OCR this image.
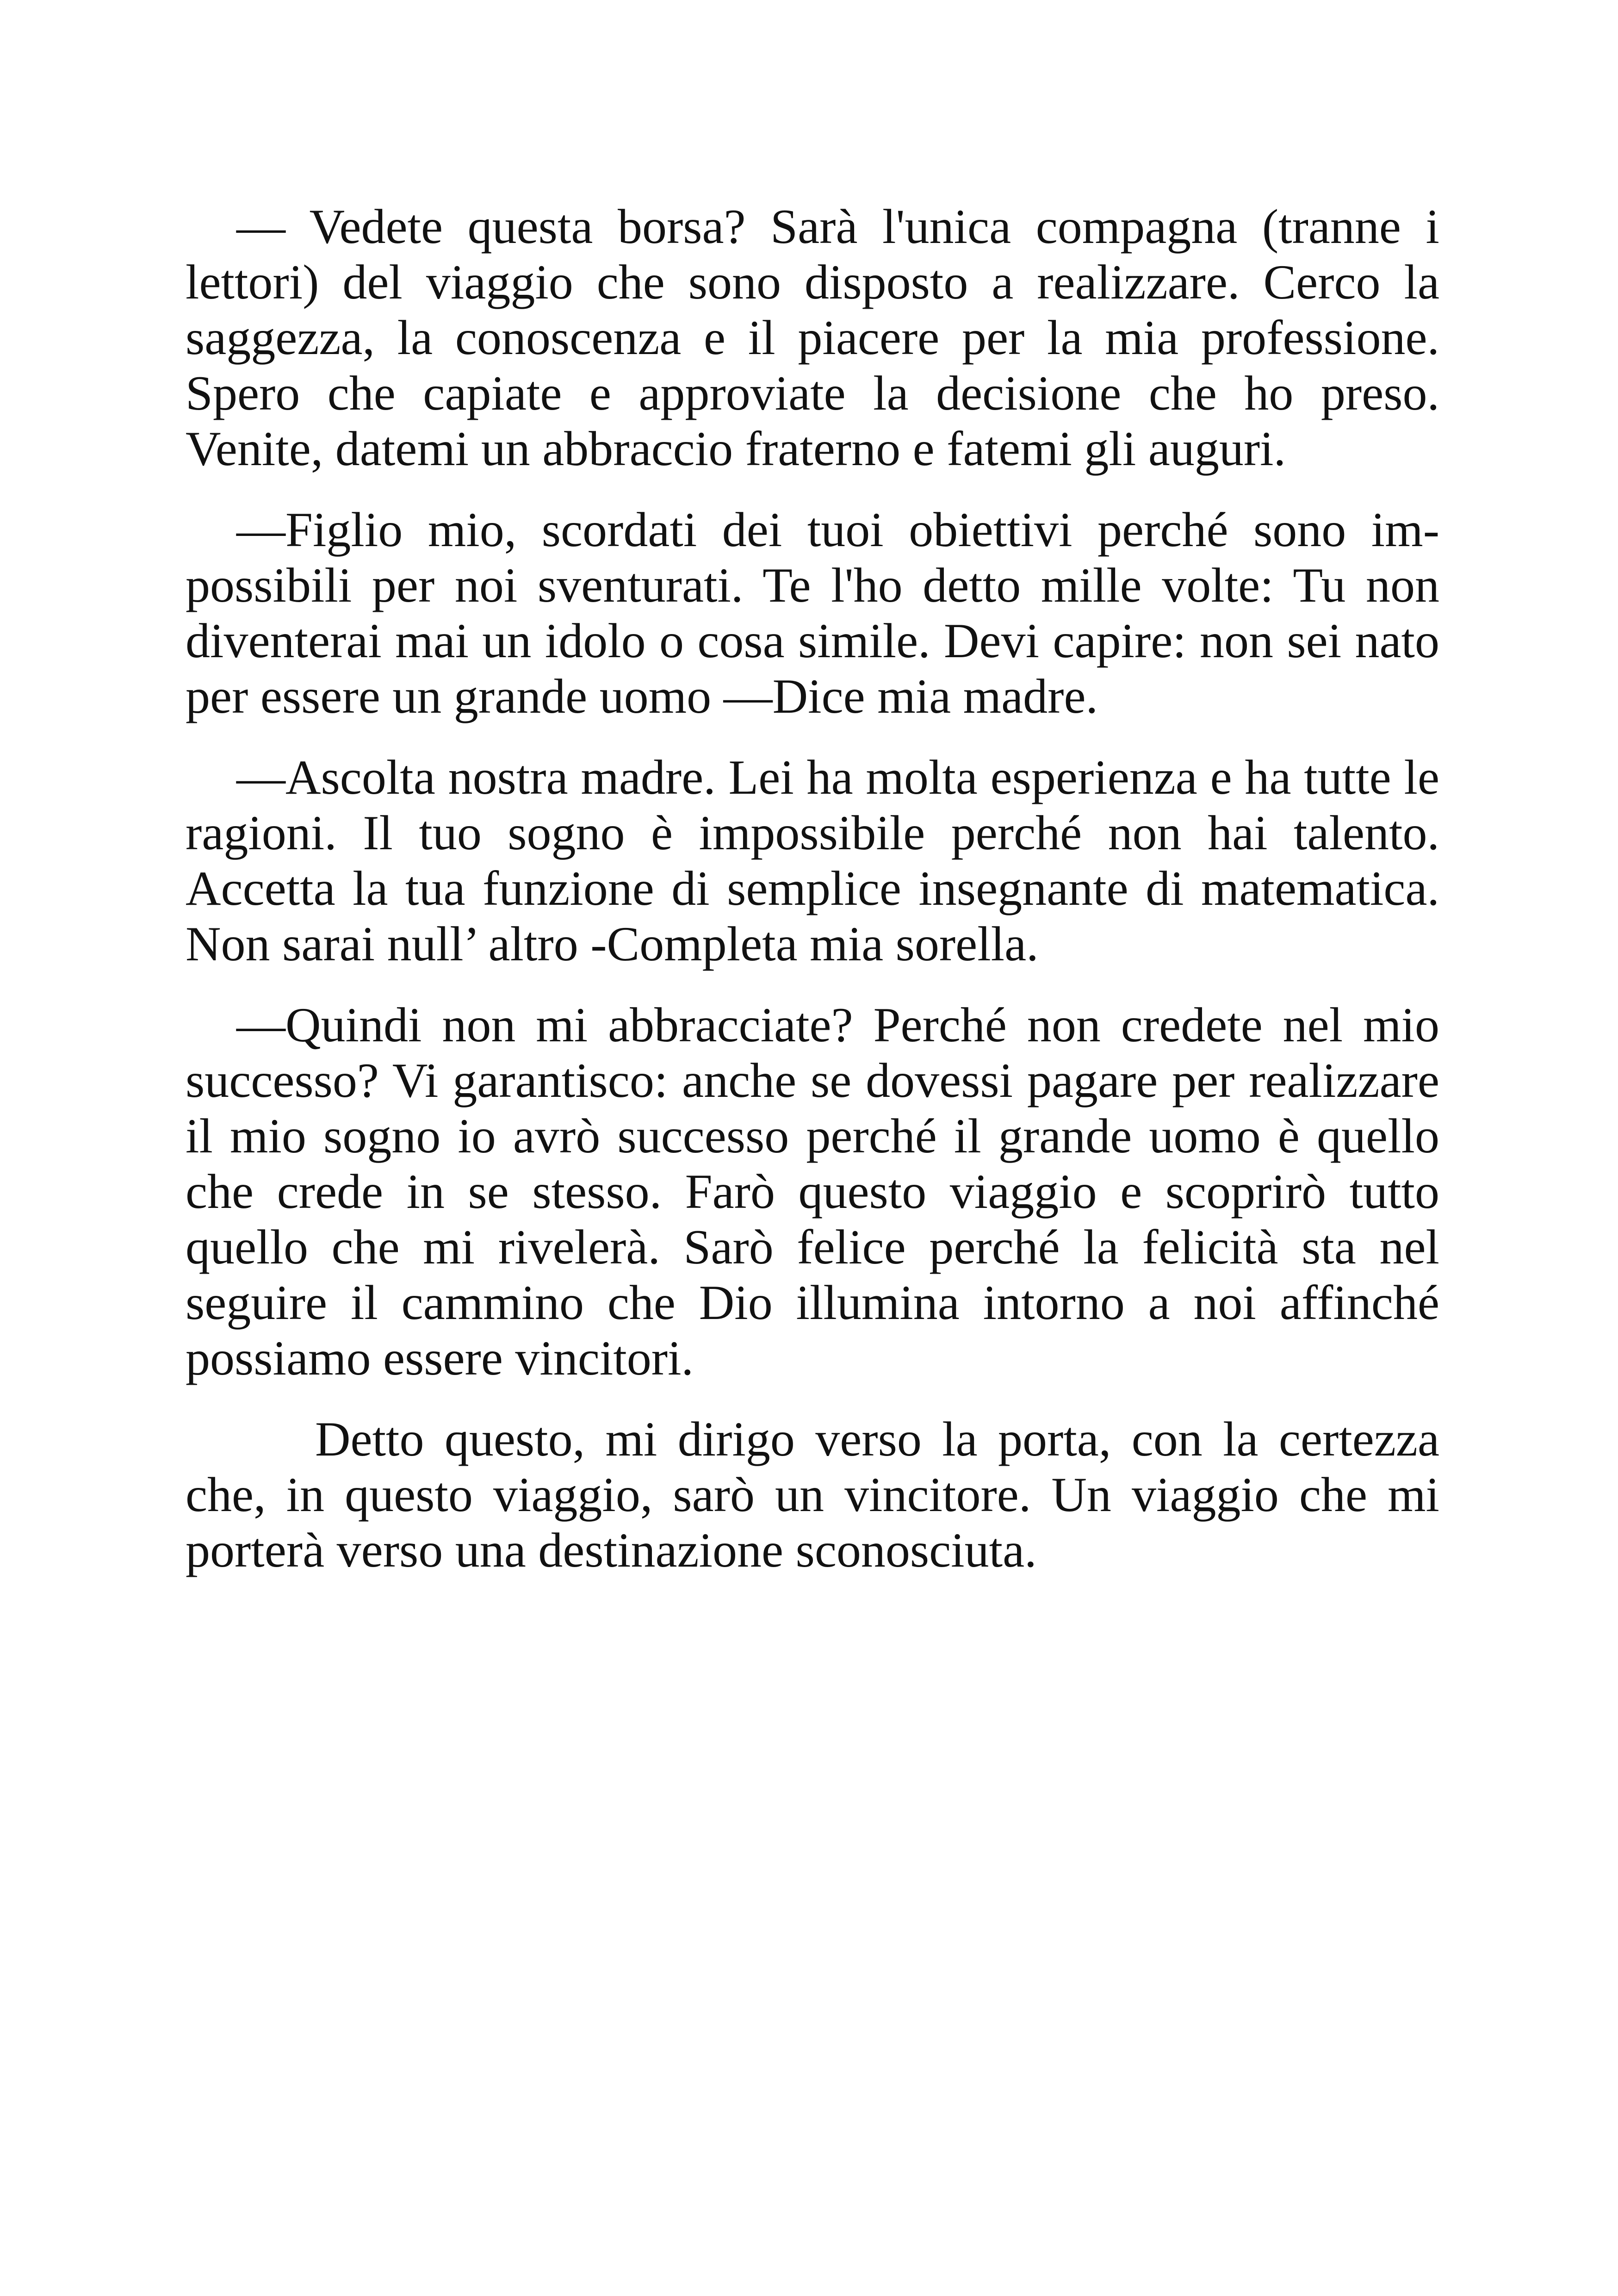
— Vedete questa borsa? Sarà l'unica compagna (tranne i lettori) del viaggio che sono disposto a realizzare. Cerco la saggezza, la conoscenza e il piacere per la mia professione. Spero che capiate e approviate la decisione che ho preso. Venite, datemi un abbraccio fraterno e fatemi gli auguri.

—Figlio mio, scordati dei tuoi obiettivi perché sono impossibili per noi sventurati. Te l'ho detto mille volte: Tu non diventerai mai un idolo o cosa simile. Devi capire: non sei nato per essere un grande uomo —Dice mia madre.

—Ascolta nostra madre. Lei ha molta esperienza e ha tutte le ragioni. Il tuo sogno è impossibile perché non hai talento. Accetta la tua funzione di semplice insegnante di matematica. Non sarai null’ altro -Completa mia sorella.

—Quindi non mi abbracciate? Perché non credete nel mio successo? Vi garantisco: anche se dovessi pagare per realizzare il mio sogno io avrò successo perché il grande uomo è quello che crede in se stesso. Farò questo viaggio e scoprirò tutto quello che mi rivelerà. Sarò felice perché la felicità sta nel seguire il cammino che Dio illumina intorno a noi affinché possiamo essere vincitori.

Detto questo, mi dirigo verso la porta, con la certezza che, in questo viaggio, sarò un vincitore. Un viaggio che mi porterà verso una destinazione sconosciuta.
